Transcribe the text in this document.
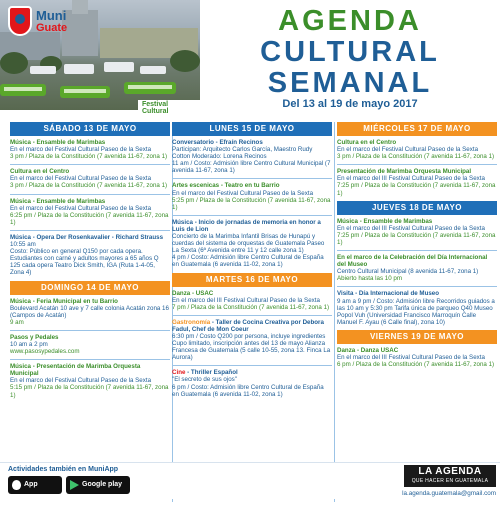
Muni
Guate
Festival Cultural
AGENDA
CULTURAL
SEMANAL
Del 13 al 19 de mayo 2017
SÁBADO 13 DE MAYO
Música - Ensamble de Marimbas
En el marco del Festival Cultural Paseo de la Sexta
3 pm / Plaza de la Constitución (7 avenida 11-67, zona 1)
Cultura en el Centro
En el marco del Festival Cultural Paseo de la Sexta
3 pm / Plaza de la Constitución (7 avenida 11-67, zona 1)
Música - Ensamble de Marimbas
En el marco del Festival Cultural Paseo de la Sexta
6:25 pm / Plaza de la Constitución (7 avenida 11-67, zona 1)
Música - Opera Der Rosenkavalier - Richard Strauss
10:55 am
Costo: Público en general Q150 por cada opera. Estudiantes con carné y adultos mayores a 65 años Q 125 cada opera Teatro Dick Smith, IGA (Ruta 1-4-05, Zona 4)
DOMINGO 14 DE MAYO
Música - Feria Municipal en tu Barrio
Boulevard Acatán 10 ave y 7 calle colonia Acatán zona 16 (Campos de Acatán)
9 am
Pasos y Pedales
10 am a 2 pm
www.pasosypedales.com
Música - Presentación de Marimba Orquesta Municipal
En el marco del Festival Cultural Paseo de la Sexta
5:15 pm / Plaza de la Constitución (7 avenida 11-67, zona 1)
LUNES 15 DE MAYO
Conversatorio - Efraín Recinos
Participan: Arquitecto Carlos García, Maestro Rudy Cotton Moderado: Lorena Recinos
11 am / Costo: Admisión libre Centro Cultural Municipal (7 avenida 11-67, zona 1)
Artes escenicas - Teatro en tu Barrio
En el marco del Festival Cultural Paseo de la Sexta
5:25 pm / Plaza de la Constitución (7 avenida 11-67, zona 1)
Música - Inicio de jornadas de memoria en honor a Luis de Lion
Concierto de la Marimba Infantil Brisas de Hunapú y cuerdas del sistema de orquestas de Guatemala Paseo La Sexta (6ª Avenida entre 11 y 12 calle zona 1)
4 pm / Costo: Admisión libre Centro Cultural de España en Guatemala (6 avenida 11-02, zona 1)
MARTES 16 DE MAYO
Danza - USAC
En el marco del III Festival Cultural Paseo de la Sexta
7 pm / Plaza de la Constitución (7 avenida 11-67, zona 1)
Gastronomía - Taller de Cocina Creativa por Debora Fadul, Chef de Mon Coeur
6:30 pm / Costo Q200 por persona, incluye ingredientes Cupo limitado, inscripción antes del 13 de mayo Alianza Francesa de Guatemala (5 calle 10-55, zona 13. Finca La Aurora)
Cine - Thriller Español
"El secreto de sus ojos"
6 pm / Costo: Admisión libre Centro Cultural de España en Guatemala (6 avenida 11-02, zona 1)
MIÉRCOLES 17 DE MAYO
Cultura en el Centro
En el marco del Festival Cultural Paseo de la Sexta
3 pm / Plaza de la Constitución (7 avenida 11-67, zona 1)
Presentación de Marimba Orquesta Municipal
En el marco del III Festival Cultural Paseo de la Sexta
7:25 pm / Plaza de la Constitución (7 avenida 11-67, zona 1)
JUEVES 18 DE MAYO
Música - Ensamble de Marimbas
En el marco del III Festival Cultural Paseo de la Sexta
7:25 pm / Plaza de la Constitución (7 avenida 11-67, zona 1)
En el marco de la Celebración del Día Internacional del Museo
Centro Cultural Municipal (8 avenida 11-67, zona 1)
Abierto hasta las 10 pm
Visita - Día Internacional de Museo
9 am a 9 pm / Costo: Admisión libre Recorridos guiados a las 10 am y 5:30 pm Tarifa única de parqueo Q40 Museo Popol Vuh (Universidad Francisco Marroquín Calle Manuel F. Ayau (6 Calle final), zona 10)
VIERNES 19 DE MAYO
Danza - Danza USAC
En el marco del III Festival Cultural Paseo de la Sexta
6 pm / Plaza de la Constitución (7 avenida 11-67, zona 1)
Actividades también en MuniApp
App Store
Google play
LA AGENDA
QUE HACER EN GUATEMALA
la.agenda.guatemala@gmail.com
